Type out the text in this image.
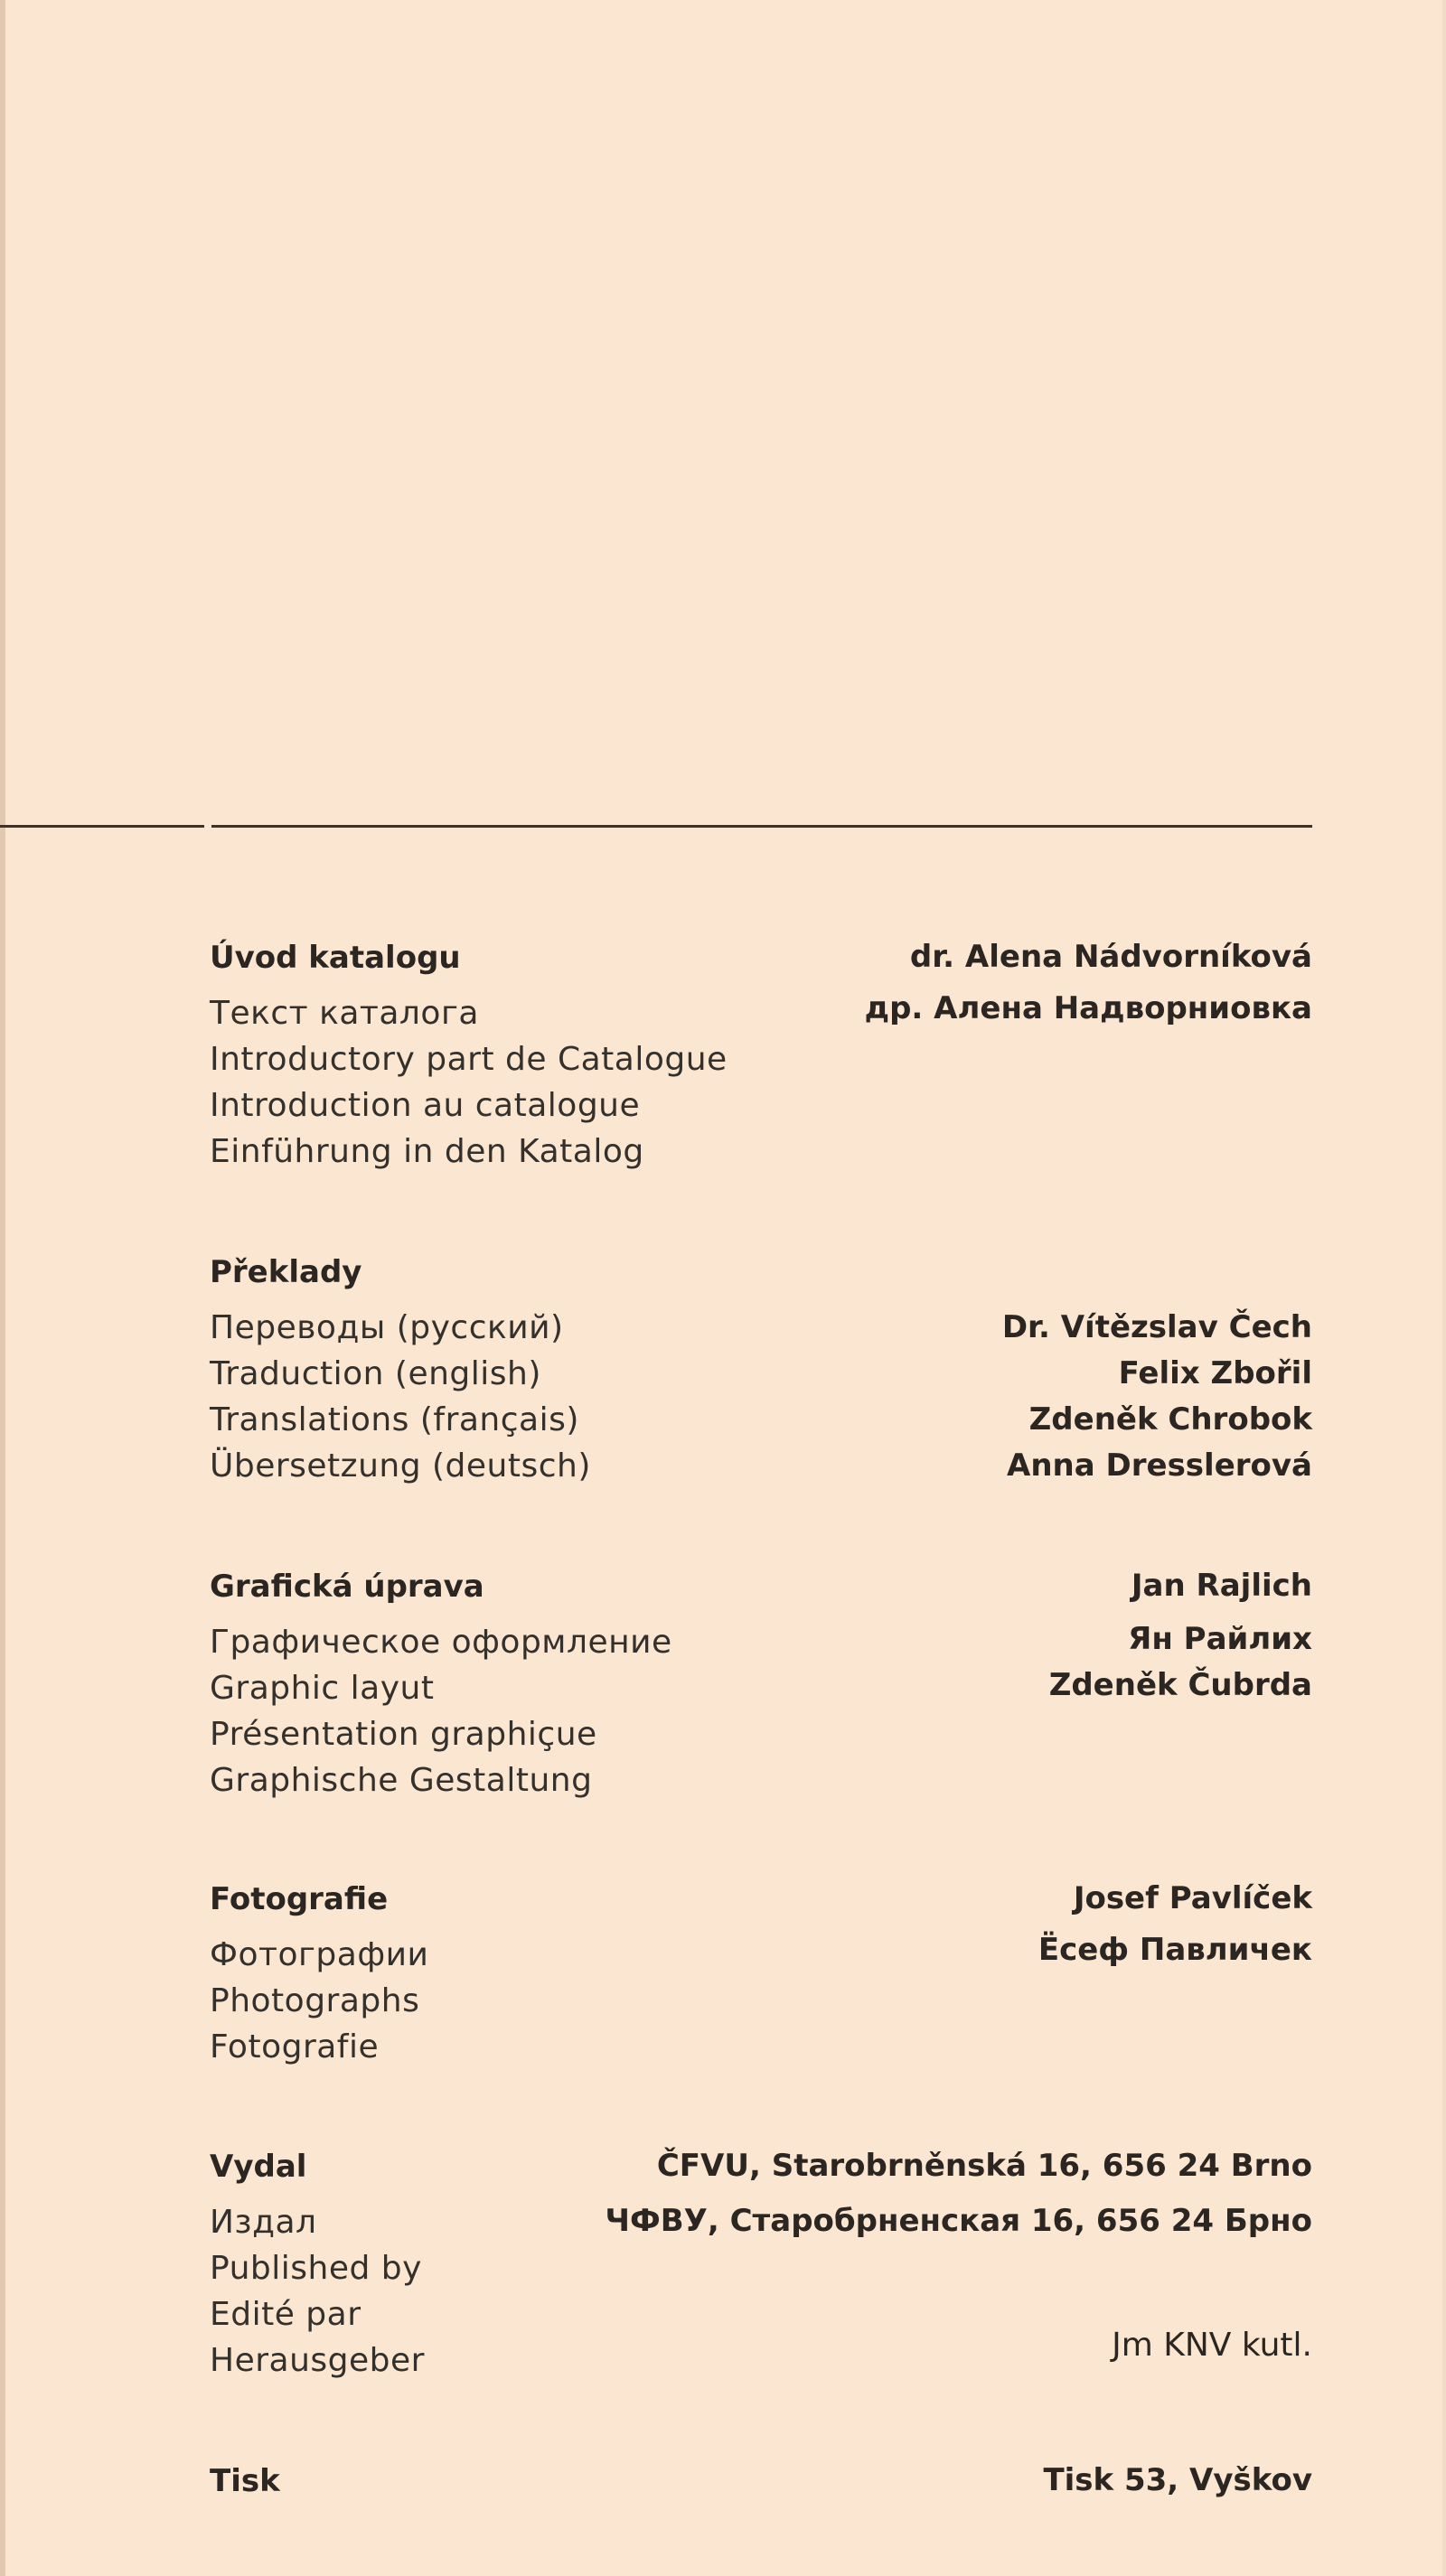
Úvod katalogu
Текст каталога
Introductory part de Catalogue
Introduction au catalogue
Einführung in den Katalog
dr. Alena Nádvorníková
др. Алена Надворниовка
Překlady
Переводы (русский)
Traduction (english)
Translations (français)
Übersetzung (deutsch)
Dr. Vítězslav Čech
Felix Zbořil
Zdeněk Chrobok
Anna Dresslerová
Grafická úprava
Графическое оформление
Graphic layut
Présentation graphiçue
Graphische Gestaltung
Jan Rajlich
Ян Райлих
Zdeněk Čubrda
Fotografie
Фотографии
Photographs
Fotografie
Josef Pavlíček
Ёсеф Павличек
Vydal
Издал
Published by
Edité par
Herausgeber
ČFVU, Starobrněnská 16, 656 24 Brno
ЧФВУ, Старобрненская 16, 656 24 Брно
Jm KNV kutl.
Tisk	Tisk 53, Vyškov
